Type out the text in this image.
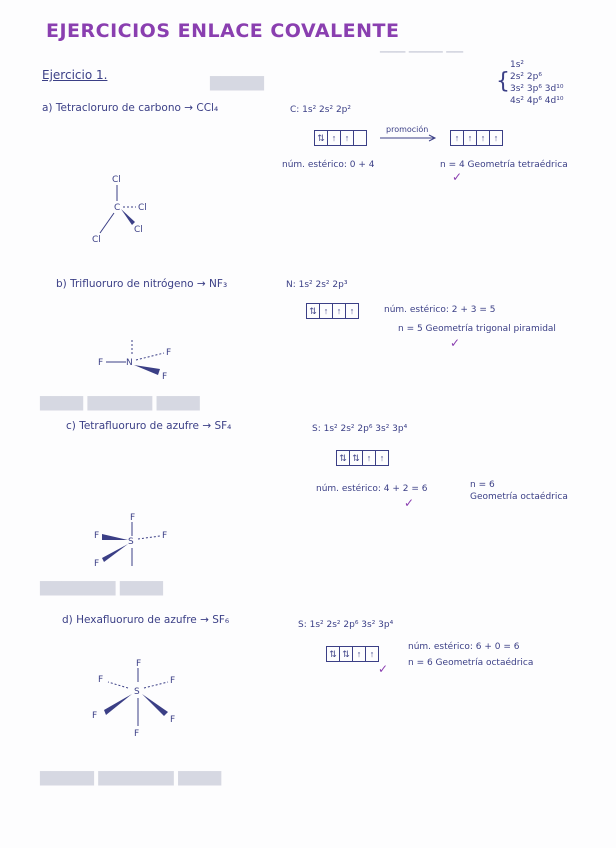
▁▁▁ ▁▁▁▁ ▁▁
▇▇▇▇▇
▇▇▇▇ ▇▇▇▇▇▇ ▇▇▇▇
▇▇▇▇▇▇▇ ▇▇▇▇
▇▇▇▇▇ ▇▇▇▇▇▇▇ ▇▇▇▇
EJERCICIOS ENLACE COVALENTE
Ejercicio 1.	{
1s²
2s² 2p⁶
3s² 3p⁶ 3d¹⁰
4s² 4p⁶ 4d¹⁰
a) Tetracloruro de carbono → CCl₄	C: 1s² 2s² 2p²
⇅ ↑ ↑
promoción
↑ ↑ ↑ ↑
núm. estérico: 0 + 4	n = 4 Geometría tetraédrica
✓
Cl
C Cl
Cl
Cl
b) Trifluoruro de nitrógeno → NF₃	N: 1s² 2s² 2p³
⇅ ↑ ↑ ↑	núm. estérico: 2 + 3 = 5
n = 5 Geometría trigonal piramidal
✓
F	N
F
F
c) Tetrafluoruro de azufre → SF₄	S: 1s² 2s² 2p⁶ 3s² 3p⁴
⇅ ⇅ ↑ ↑
núm. estérico: 4 + 2 = 6	n = 6
Geometría octaédrica
✓
F
S
F	F
F
d) Hexafluoruro de azufre → SF₆	S: 1s² 2s² 2p⁶ 3s² 3p⁴
⇅ ⇅ ↑ ↑
núm. estérico: 6 + 0 = 6
n = 6 Geometría octaédrica
✓
F
S
F	F
F	F
F
